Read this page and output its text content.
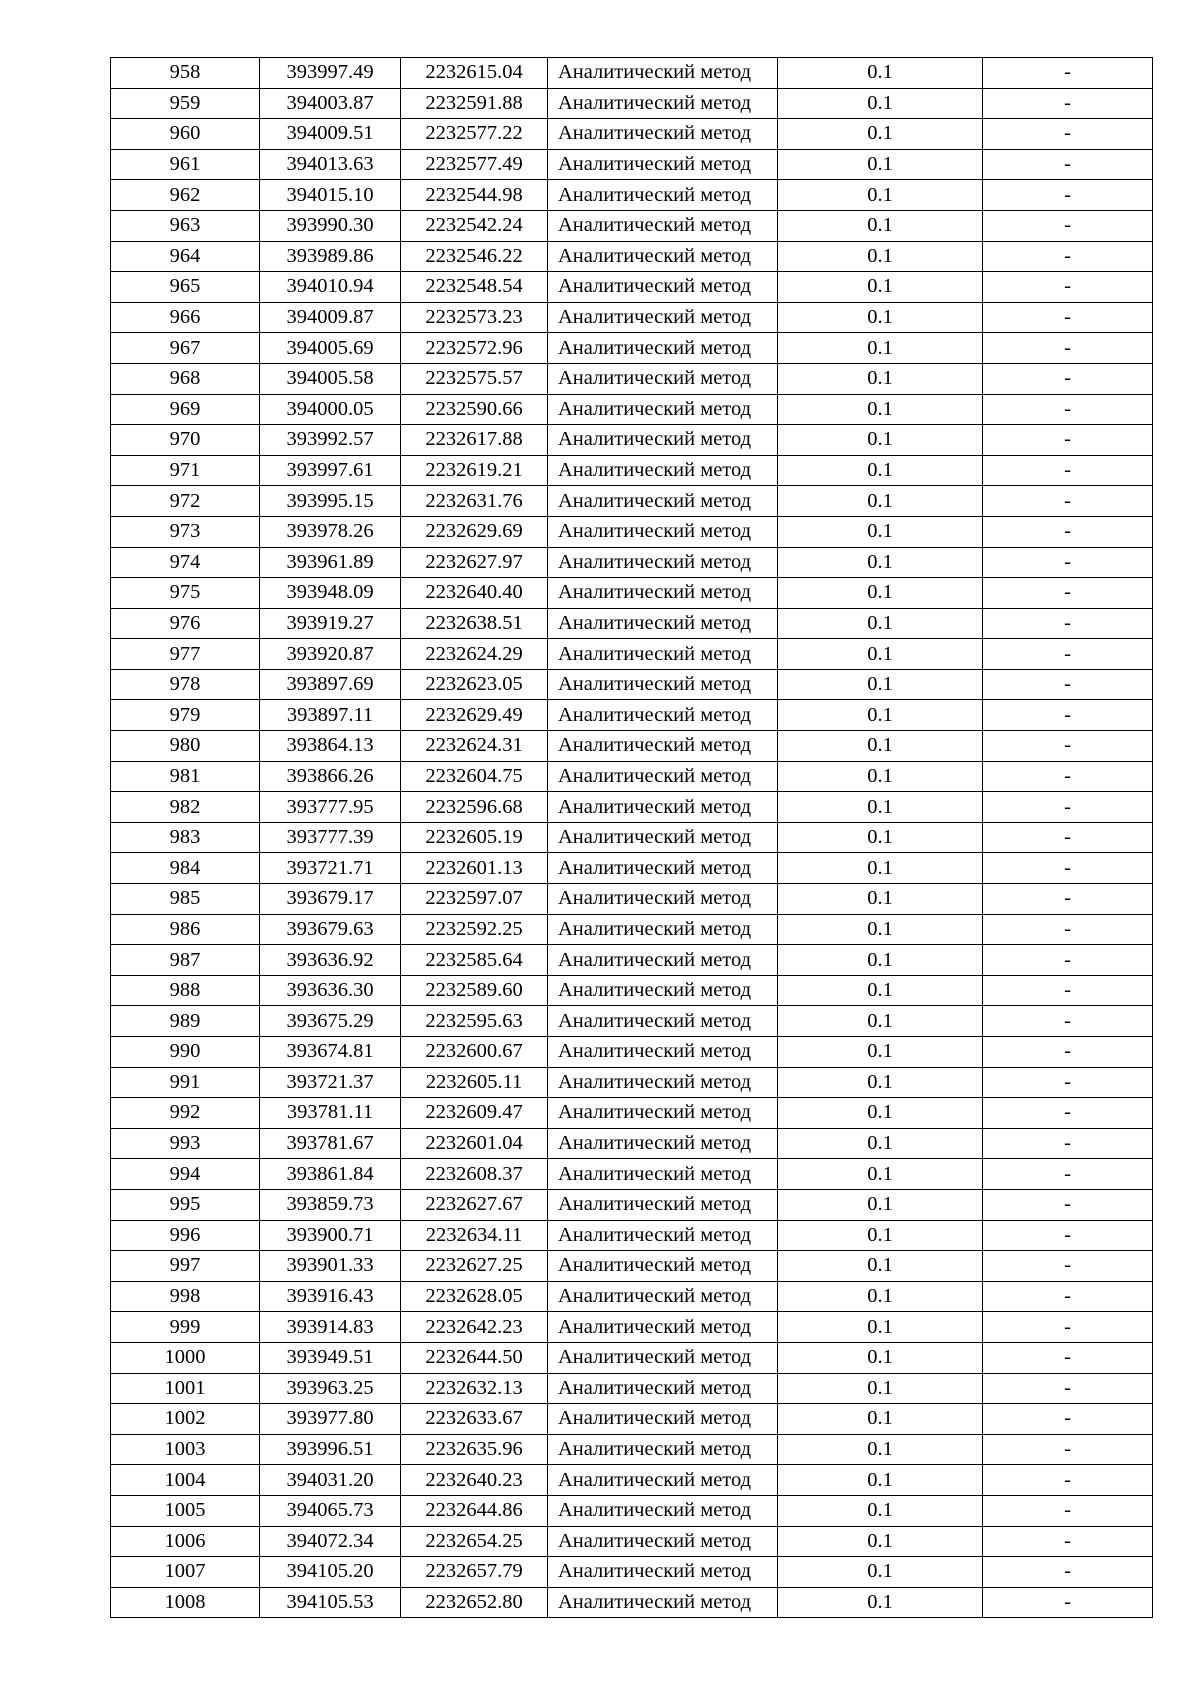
958	393997.49	2232615.04	Аналитический метод	0.1	-
959	394003.87	2232591.88	Аналитический метод	0.1	-
960	394009.51	2232577.22	Аналитический метод	0.1	-
961	394013.63	2232577.49	Аналитический метод	0.1	-
962	394015.10	2232544.98	Аналитический метод	0.1	-
963	393990.30	2232542.24	Аналитический метод	0.1	-
964	393989.86	2232546.22	Аналитический метод	0.1	-
965	394010.94	2232548.54	Аналитический метод	0.1	-
966	394009.87	2232573.23	Аналитический метод	0.1	-
967	394005.69	2232572.96	Аналитический метод	0.1	-
968	394005.58	2232575.57	Аналитический метод	0.1	-
969	394000.05	2232590.66	Аналитический метод	0.1	-
970	393992.57	2232617.88	Аналитический метод	0.1	-
971	393997.61	2232619.21	Аналитический метод	0.1	-
972	393995.15	2232631.76	Аналитический метод	0.1	-
973	393978.26	2232629.69	Аналитический метод	0.1	-
974	393961.89	2232627.97	Аналитический метод	0.1	-
975	393948.09	2232640.40	Аналитический метод	0.1	-
976	393919.27	2232638.51	Аналитический метод	0.1	-
977	393920.87	2232624.29	Аналитический метод	0.1	-
978	393897.69	2232623.05	Аналитический метод	0.1	-
979	393897.11	2232629.49	Аналитический метод	0.1	-
980	393864.13	2232624.31	Аналитический метод	0.1	-
981	393866.26	2232604.75	Аналитический метод	0.1	-
982	393777.95	2232596.68	Аналитический метод	0.1	-
983	393777.39	2232605.19	Аналитический метод	0.1	-
984	393721.71	2232601.13	Аналитический метод	0.1	-
985	393679.17	2232597.07	Аналитический метод	0.1	-
986	393679.63	2232592.25	Аналитический метод	0.1	-
987	393636.92	2232585.64	Аналитический метод	0.1	-
988	393636.30	2232589.60	Аналитический метод	0.1	-
989	393675.29	2232595.63	Аналитический метод	0.1	-
990	393674.81	2232600.67	Аналитический метод	0.1	-
991	393721.37	2232605.11	Аналитический метод	0.1	-
992	393781.11	2232609.47	Аналитический метод	0.1	-
993	393781.67	2232601.04	Аналитический метод	0.1	-
994	393861.84	2232608.37	Аналитический метод	0.1	-
995	393859.73	2232627.67	Аналитический метод	0.1	-
996	393900.71	2232634.11	Аналитический метод	0.1	-
997	393901.33	2232627.25	Аналитический метод	0.1	-
998	393916.43	2232628.05	Аналитический метод	0.1	-
999	393914.83	2232642.23	Аналитический метод	0.1	-
1000	393949.51	2232644.50	Аналитический метод	0.1	-
1001	393963.25	2232632.13	Аналитический метод	0.1	-
1002	393977.80	2232633.67	Аналитический метод	0.1	-
1003	393996.51	2232635.96	Аналитический метод	0.1	-
1004	394031.20	2232640.23	Аналитический метод	0.1	-
1005	394065.73	2232644.86	Аналитический метод	0.1	-
1006	394072.34	2232654.25	Аналитический метод	0.1	-
1007	394105.20	2232657.79	Аналитический метод	0.1	-
1008	394105.53	2232652.80	Аналитический метод	0.1	-
